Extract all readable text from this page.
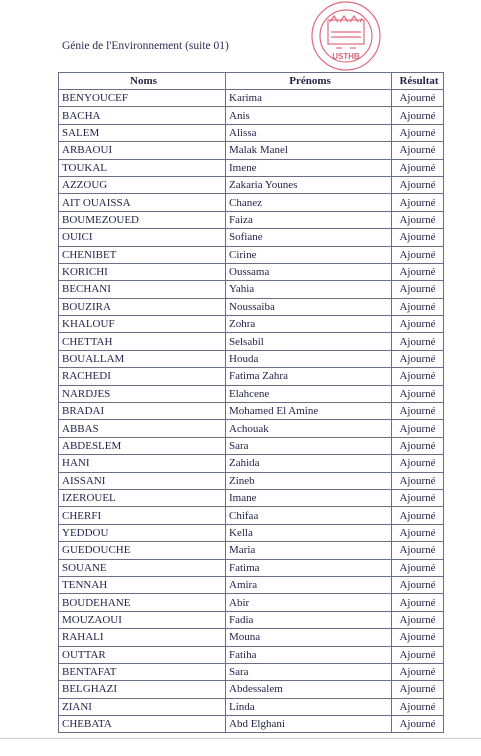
Génie de l'Environnement (suite 01)
USTHB
Noms	Prénoms	Résultat
BENYOUCEF	Karima	Ajourné
BACHA	Anis	Ajourné
SALEM	Alissa	Ajourné
ARBAOUI	Malak Manel	Ajourné
TOUKAL	Imene	Ajourné
AZZOUG	Zakaria Younes	Ajourné
AIT OUAISSA	Chanez	Ajourné
BOUMEZOUED	Faiza	Ajourné
OUICI	Sofiane	Ajourné
CHENIBET	Cirine	Ajourné
KORICHI	Oussama	Ajourné
BECHANI	Yahia	Ajourné
BOUZIRA	Noussaiba	Ajourné
KHALOUF	Zohra	Ajourné
CHETTAH	Selsabil	Ajourné
BOUALLAM	Houda	Ajourné
RACHEDI	Fatima Zahra	Ajourné
NARDJES	Elahcene	Ajourné
BRADAI	Mohamed El Amine	Ajourné
ABBAS	Achouak	Ajourné
ABDESLEM	Sara	Ajourné
HANI	Zahida	Ajourné
AISSANI	Zineb	Ajourné
IZEROUEL	Imane	Ajourné
CHERFI	Chifaa	Ajourné
YEDDOU	Kella	Ajourné
GUEDOUCHE	Maria	Ajourné
SOUANE	Fatima	Ajourné
TENNAH	Amira	Ajourné
BOUDEHANE	Abir	Ajourné
MOUZAOUI	Fadia	Ajourné
RAHALI	Mouna	Ajourné
OUTTAR	Fatiha	Ajourné
BENTAFAT	Sara	Ajourné
BELGHAZI	Abdessalem	Ajourné
ZIANI	Linda	Ajourné
CHEBATA	Abd Elghani	Ajourné
